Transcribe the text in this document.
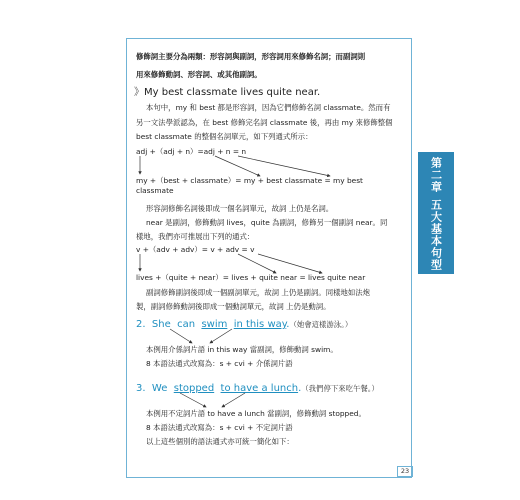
修飾詞主要分為兩類：形容詞與副詞，形容詞用來修飾名詞；而副詞則
用來修飾動詞、形容詞、或其他副詞。
》My best classmate lives quite near.
本句中，my 和 best 都是形容詞，因為它們修飾名詞 classmate。然而有
另一文法學派認為，在 best 修飾完名詞 classmate 後，再由 my 來修飾整個
best classmate 的整個名詞單元，如下列通式所示：
adj +（adj + n）=adj + n = n
my +（best + classmate）= my + best classmate = my best
classmate
形容詞修飾名詞後即成一個名詞單元，故詞 上仍是名詞。
near 是副詞，修飾動詞 lives，quite 為副詞，修飾另一個副詞 near。同
樣地，我們亦可推展出下列的通式：
v +（adv + adv）= v + adv = v
lives +（quite + near）= lives + quite near = lives quite near
副詞修飾副詞後即成一個副詞單元，故詞 上仍是副詞。同樣地如法炮
製，副詞修飾動詞後即成一個動詞單元，故詞 上仍是動詞。
2. She can swim in this way.（她會這樣游泳。）
本例用介係詞片語 in this way 當副詞，修飾動詞 swim。
8 本語法通式改寫為：s + cvi + 介係詞片語
3. We stopped to have a lunch.（我們停下來吃午餐。）
本例用不定詞片語 to have a lunch 當副詞，修飾動詞 stopped。
8 本語法通式改寫為：s + cvi + 不定詞片語
以上這些個別的語法通式亦可統一簡化如下：
第二章
五大基本句型
23
